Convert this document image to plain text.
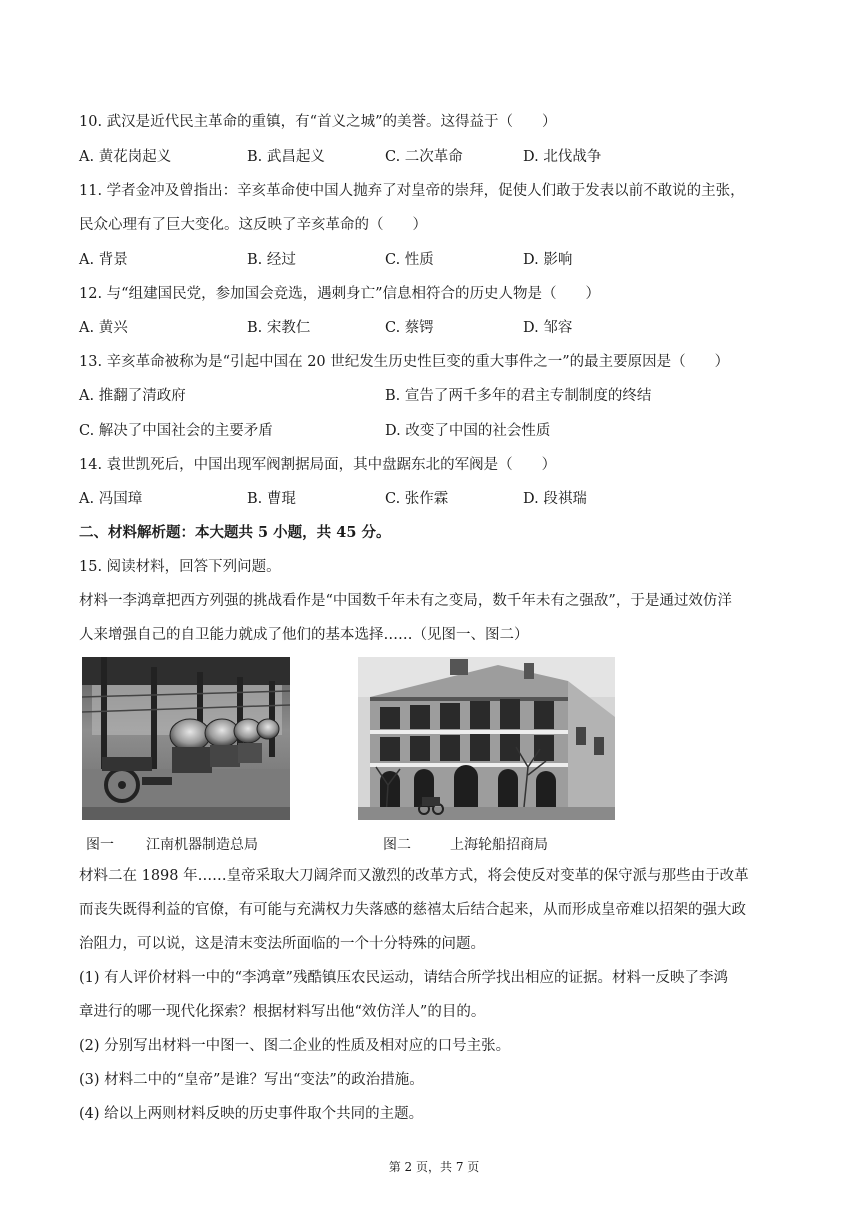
10. 武汉是近代民主革命的重镇，有“首义之城”的美誉。这得益于（　　）
A. 黄花岗起义	B. 武昌起义	C. 二次革命	D. 北伐战争
11. 学者金冲及曾指出：辛亥革命使中国人抛弃了对皇帝的崇拜，促使人们敢于发表以前不敢说的主张，
民众心理有了巨大变化。这反映了辛亥革命的（　　）
A. 背景	B. 经过	C. 性质	D. 影响
12. 与“组建国民党，参加国会竞选，遇刺身亡”信息相符合的历史人物是（　　）
A. 黄兴	B. 宋教仁	C. 蔡锷	D. 邹容
13. 辛亥革命被称为是“引起中国在 20 世纪发生历史性巨变的重大事件之一”的最主要原因是（　　）
A. 推翻了清政府	B. 宣告了两千多年的君主专制制度的终结
C. 解决了中国社会的主要矛盾	D. 改变了中国的社会性质
14. 袁世凯死后，中国出现军阀割据局面，其中盘踞东北的军阀是（　　）
A. 冯国璋	B. 曹琨	C. 张作霖	D. 段祺瑞
二、材料解析题：本大题共 5 小题，共 45 分。
15. 阅读材料，回答下列问题。
材料一李鸿章把西方列强的挑战看作是“中国数千年未有之变局，数千年未有之强敌”，于是通过效仿洋
人来增强自己的自卫能力就成了他们的基本选择……（见图一、图二）
图一 江南机器制造总局	图二	上海轮船招商局
材料二在 1898 年……皇帝采取大刀阔斧而又激烈的改革方式，将会使反对变革的保守派与那些由于改革
而丧失既得利益的官僚，有可能与充满权力失落感的慈禧太后结合起来，从而形成皇帝难以招架的强大政
治阻力，可以说，这是清末变法所面临的一个十分特殊的问题。
(1) 有人评价材料一中的“李鸿章”残酷镇压农民运动，请结合所学找出相应的证据。材料一反映了李鸿
章进行的哪一现代化探索？根据材料写出他“效仿洋人”的目的。
(2) 分别写出材料一中图一、图二企业的性质及相对应的口号主张。
(3) 材料二中的“皇帝”是谁？写出“变法”的政治措施。
(4) 给以上两则材料反映的历史事件取个共同的主题。
第 2 页，共 7 页
